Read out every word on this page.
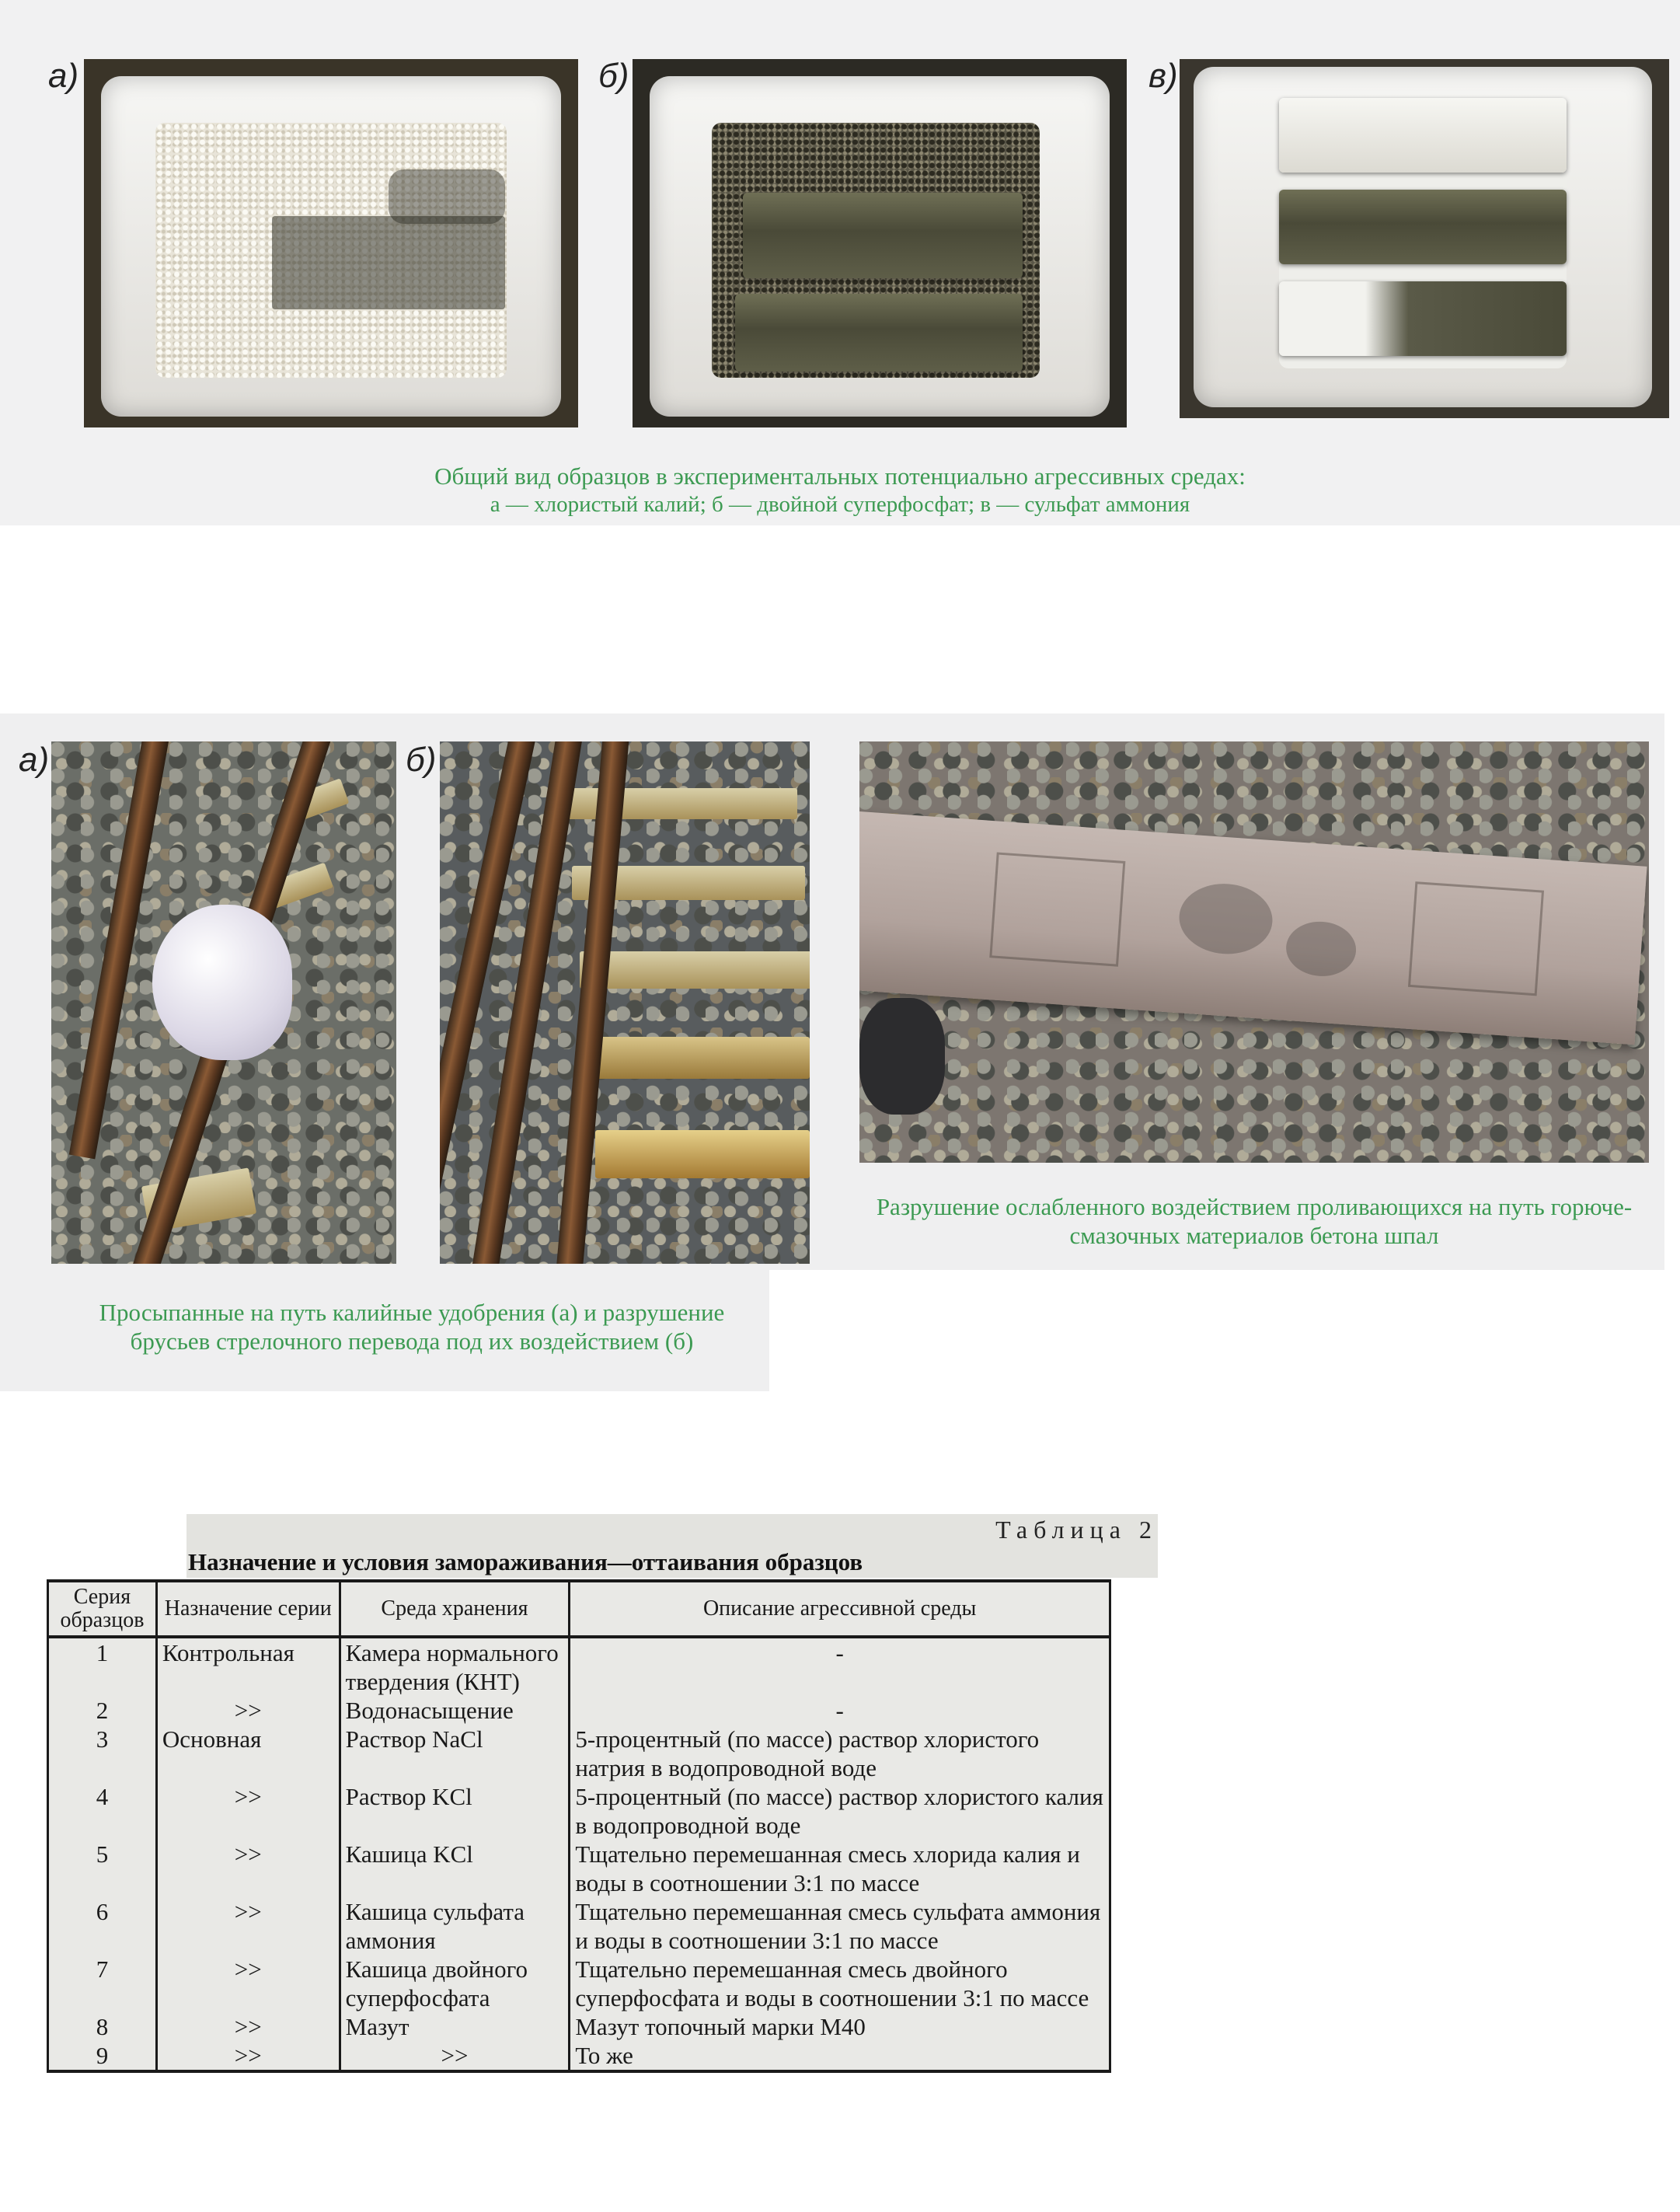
а)	б)	в)
Общий вид образцов в экспериментальных потенциально агрессивных средах:
а — хлористый калий; б — двойной суперфосфат; в — сульфат аммония
а)	б)
Разрушение ослабленного воздействием проливающихся на путь горюче-смазочных материалов бетона шпал
Просыпанные на путь калийные удобрения (а) и разрушение брусьев стрелочного перевода под их воздействием (б)
Таблица 2
Назначение и условия замораживания—оттаивания образцов
Серия образцов	Назначение серии	Среда хранения	Описание агрессивной среды
1	Контрольная	Камера нормального твердения (КНТ)	-
2	>>	Водонасыщение	-
3	Основная	Раствор NaCl	5-процентный (по массе) раствор хлористого натрия в водопроводной воде
4	>>	Раствор KCl	5-процентный (по массе) раствор хлористого калия в водопроводной воде
5	>>	Кашица KCl	Тщательно перемешанная смесь хлорида калия и воды в соотношении 3:1 по массе
6	>>	Кашица сульфата аммония	Тщательно перемешанная смесь сульфата аммония и воды в соотношении 3:1 по массе
7	>>	Кашица двойного суперфосфата	Тщательно перемешанная смесь двойного суперфосфата и воды в соотношении 3:1 по массе
8	>>	Мазут	Мазут топочный марки М40
9	>>	>>	То же
